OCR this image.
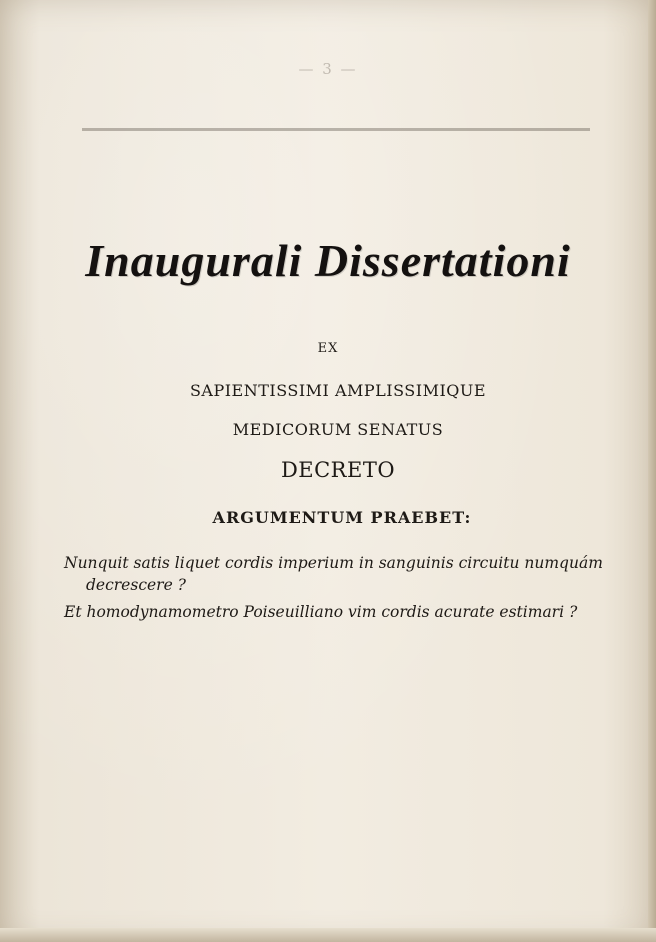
— 3 —
Inaugurali Dissertationi
EX
SAPIENTISSIMI AMPLISSIMIQUE
MEDICORUM SENATUS
DECRETO
ARGUMENTUM PRAEBET:
Nunquit satis liquet cordis imperium in sanguinis circuitu numquám
decrescere ?
Et homodynamometro Poiseuilliano vim cordis acurate estimari ?
